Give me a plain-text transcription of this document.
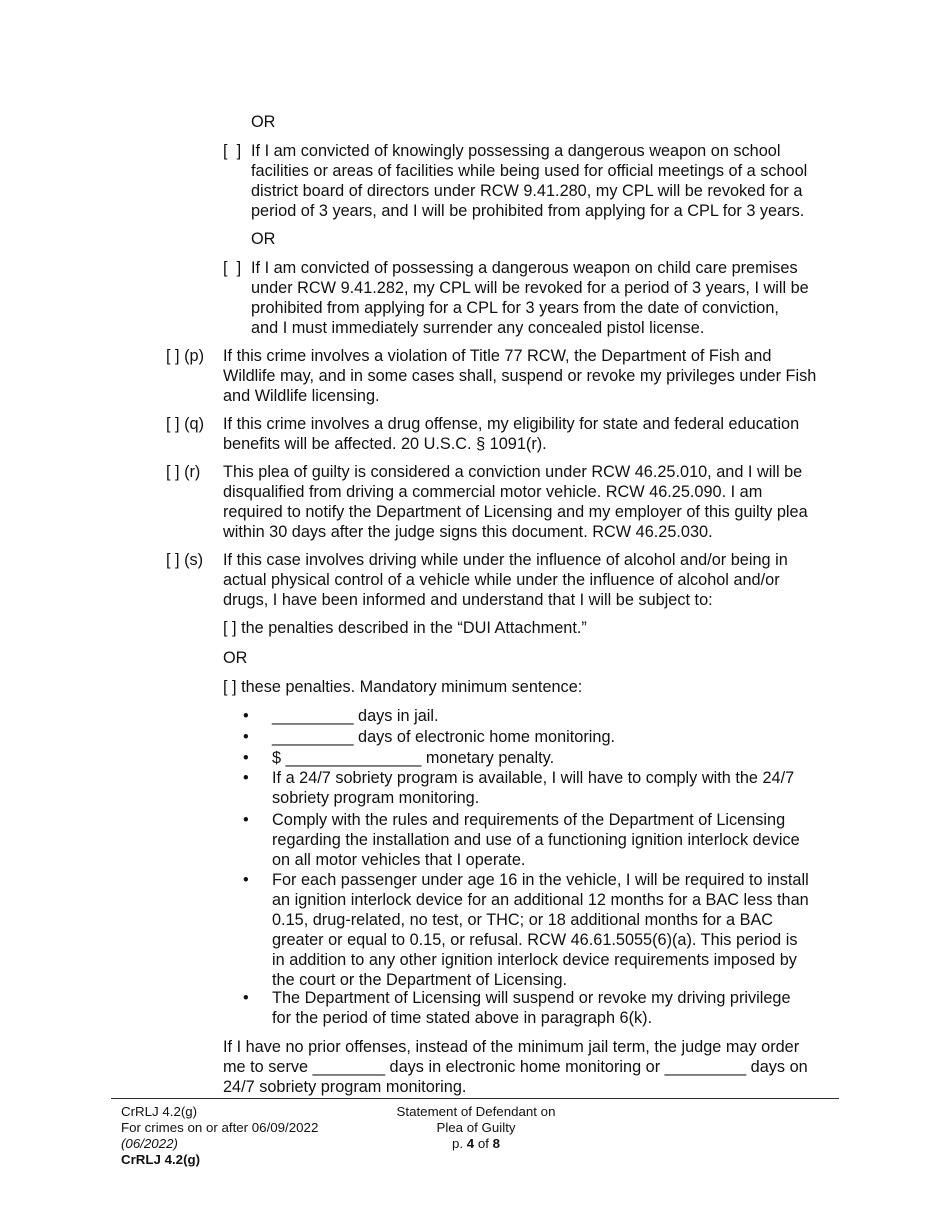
OR

[  ] If I am convicted of knowingly possessing a dangerous weapon on school
facilities or areas of facilities while being used for official meetings of a school
district board of directors under RCW 9.41.280, my CPL will be revoked for a
period of 3 years, and I will be prohibited from applying for a CPL for 3 years.

OR

[  ] If I am convicted of possessing a dangerous weapon on child care premises
under RCW 9.41.282, my CPL will be revoked for a period of 3 years, I will be
prohibited from applying for a CPL for 3 years from the date of conviction,
and I must immediately surrender any concealed pistol license.
[ ] (p) If this crime involves a violation of Title 77 RCW, the Department of Fish and
Wildlife may, and in some cases shall, suspend or revoke my privileges under Fish
and Wildlife licensing.
[ ] (q) If this crime involves a drug offense, my eligibility for state and federal education
benefits will be affected. 20 U.S.C. § 1091(r).
[ ] (r) This plea of guilty is considered a conviction under RCW 46.25.010, and I will be
disqualified from driving a commercial motor vehicle. RCW 46.25.090. I am
required to notify the Department of Licensing and my employer of this guilty plea
within 30 days after the judge signs this document. RCW 46.25.030.
[ ] (s) If this case involves driving while under the influence of alcohol and/or being in
actual physical control of a vehicle while under the influence of alcohol and/or
drugs, I have been informed and understand that I will be subject to:

[ ] the penalties described in the “DUI Attachment.”

OR

[ ] these penalties. Mandatory minimum sentence:

• _________ days in jail.
• _________ days of electronic home monitoring.
• $ _______________ monetary penalty.
• If a 24/7 sobriety program is available, I will have to comply with the 24/7
sobriety program monitoring.
• Comply with the rules and requirements of the Department of Licensing
regarding the installation and use of a functioning ignition interlock device
on all motor vehicles that I operate.
• For each passenger under age 16 in the vehicle, I will be required to install
an ignition interlock device for an additional 12 months for a BAC less than
0.15, drug-related, no test, or THC; or 18 additional months for a BAC
greater or equal to 0.15, or refusal. RCW 46.61.5055(6)(a). This period is
in addition to any other ignition interlock device requirements imposed by
the court or the Department of Licensing.
• The Department of Licensing will suspend or revoke my driving privilege
for the period of time stated above in paragraph 6(k).
If I have no prior offenses, instead of the minimum jail term, the judge may order
me to serve ________ days in electronic home monitoring or _________ days on
24/7 sobriety program monitoring.
CrRLJ 4.2(g)
For crimes on or after 06/09/2022
(06/2022)
CrRLJ 4.2(g)
Statement of Defendant on
Plea of Guilty
p. 4 of 8
